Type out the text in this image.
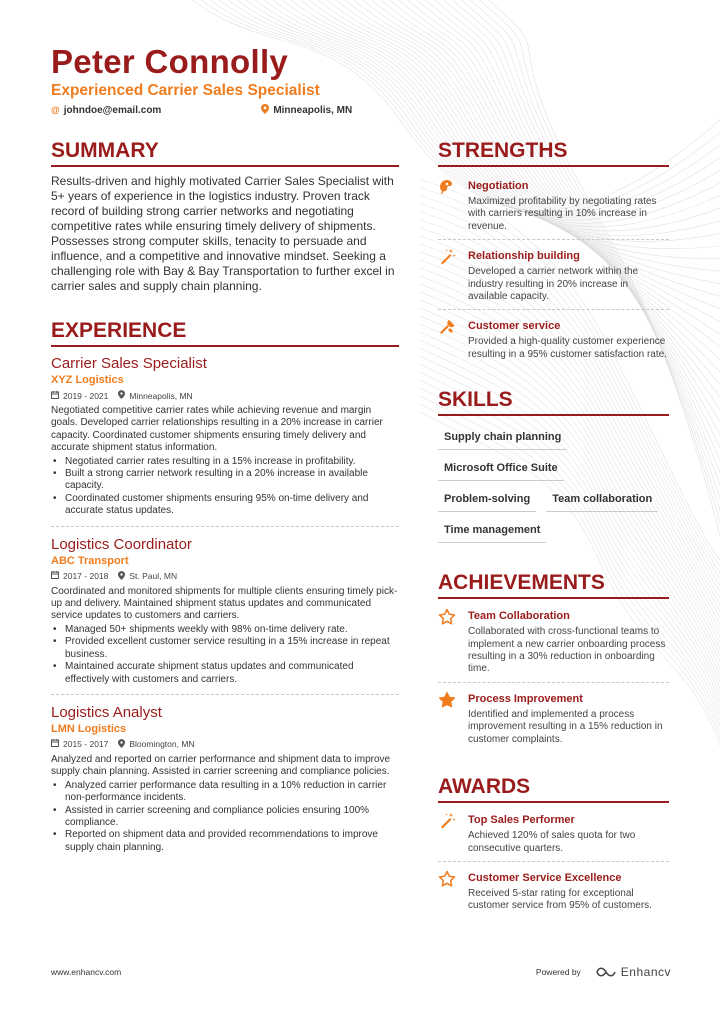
Peter Connolly
Experienced Carrier Sales Specialist
@ johndoe@email.com	Minneapolis, MN
SUMMARY
Results-driven and highly motivated Carrier Sales Specialist with 5+ years of experience in the logistics industry. Proven track record of building strong carrier networks and negotiating competitive rates while ensuring timely delivery of shipments. Possesses strong computer skills, tenacity to persuade and influence, and a competitive and innovative mindset. Seeking a challenging role with Bay & Bay Transportation to further excel in carrier sales and supply chain planning.
EXPERIENCE
Carrier Sales Specialist
XYZ Logistics
2019 - 2021 Minneapolis, MN
Negotiated competitive carrier rates while achieving revenue and margin goals. Developed carrier relationships resulting in a 20% increase in carrier capacity. Coordinated customer shipments ensuring timely delivery and accurate shipment status information.
• Negotiated carrier rates resulting in a 15% increase in profitability.
• Built a strong carrier network resulting in a 20% increase in available capacity.
• Coordinated customer shipments ensuring 95% on-time delivery and accurate status updates.
Logistics Coordinator
ABC Transport
2017 - 2018 St. Paul, MN
Coordinated and monitored shipments for multiple clients ensuring timely pick-up and delivery. Maintained shipment status updates and communicated service updates to customers and carriers.
• Managed 50+ shipments weekly with 98% on-time delivery rate.
• Provided excellent customer service resulting in a 15% increase in repeat business.
• Maintained accurate shipment status updates and communicated effectively with customers and carriers.
Logistics Analyst
LMN Logistics
2015 - 2017 Bloomington, MN
Analyzed and reported on carrier performance and shipment data to improve supply chain planning. Assisted in carrier screening and compliance policies.
• Analyzed carrier performance data resulting in a 10% reduction in carrier non-performance incidents.
• Assisted in carrier screening and compliance policies ensuring 100% compliance.
• Reported on shipment data and provided recommendations to improve supply chain planning.
STRENGTHS
Negotiation
Maximized profitability by negotiating rates with carriers resulting in 10% increase in revenue.
Relationship building
Developed a carrier network within the industry resulting in 20% increase in available capacity.
Customer service
Provided a high-quality customer experience resulting in a 95% customer satisfaction rate.
SKILLS
Supply chain planning
Microsoft Office Suite
Problem-solving	Team collaboration
Time management
ACHIEVEMENTS
Team Collaboration
Collaborated with cross-functional teams to implement a new carrier onboarding process resulting in a 30% reduction in onboarding time.
Process Improvement
Identified and implemented a process improvement resulting in a 15% reduction in customer complaints.
AWARDS
Top Sales Performer
Achieved 120% of sales quota for two consecutive quarters.
Customer Service Excellence
Received 5-star rating for exceptional customer service from 95% of customers.
www.enhancv.com	Powered by	Enhancv
